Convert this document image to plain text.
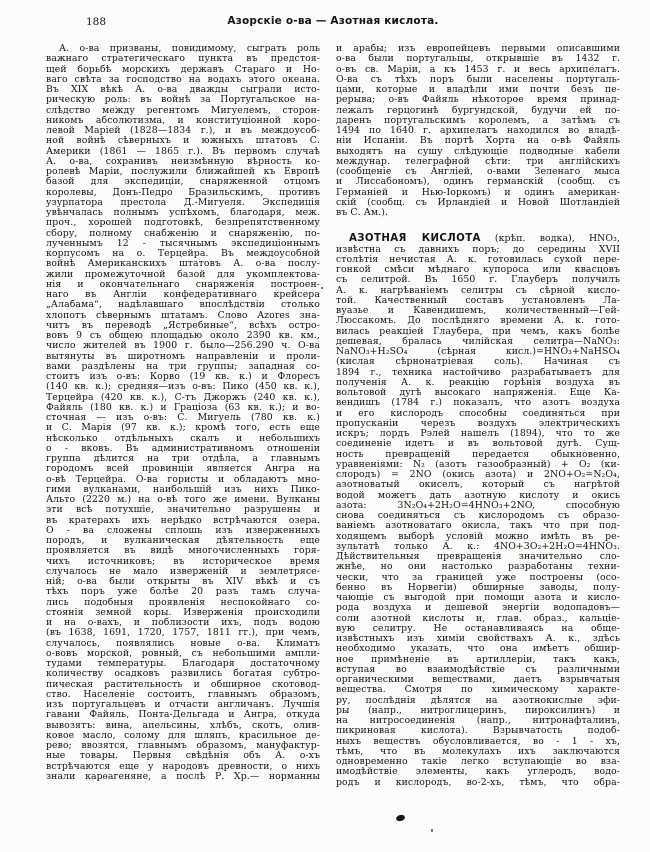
188	Азорскіе о-ва — Азотная кислота.
А. о-ва призваны, повидимому, сыграть роль
важнаго стратегическаго пункта въ предстоя-
щей борьбѣ морскихъ державъ Стараго и Но-
ваго свѣта за господство на водахъ этого океана.
Въ XIX вѣкѣ А. о-ва дважды сыграли исто-
рическую роль: въ войнѣ за Португальское на-
слѣдство между регентомъ Мигуелемъ, сторон-
никомъ абсолютизма, и конституціонной коро-
левой Маріей (1828—1834 г.), и въ междоусоб-
ной войнѣ сѣверныхъ и южныхъ штатовъ С.
Америки (1861 — 1865 г.). Въ первомъ случаѣ
А. о-ва, сохранивъ неизмѣнную вѣрность ко-
ролевѣ Маріи, послужили ближайшей къ Европѣ
базой для экспедиціи, снаряженной отцомъ
королевы, Донъ-Педро Бразильскимъ, противъ
узурпатора престола Д.-Мигуеля. Экспедиція
увѣнчалась полнымъ успѣхомъ, благодаря, меж.
проч., хорошей подготовкѣ, безпрепятственному
сбору, полному снабженію и снаряженію, по-
лученнымъ 12 - тысячнымъ экспедиціоннымъ
корпусомъ на о. Терцейра. Въ междоусобной
войнѣ Американскихъ штатовъ А. о-ва послу-
жили промежуточной базой для укомплектова-
нія и окончательнаго снаряженія построен-
наго въ Англіи конфедеративнаго крейсера
„Алабама“, надѣлавшаго впослѣдствіи столько
хлопотъ сѣвернымъ штатамъ. Слово Azores зна-
читъ въ переводѣ „Ястребиные“, всѣхъ остро-
вовъ 9 съ общею площадью около 2390 кв. км.,
число жителей въ 1900 г. было—256.290 ч. О-ва
вытянуты въ широтномъ направленіи и проли-
вами раздѣлены на три группы; западная со-
стоитъ изъ о-въ: Корво (19 кв. к.) и Флоресъ
(140 кв. к.); средняя—изъ о-въ: Пико (450 кв. к.),
Терцейра (420 кв. к.), С-тъ Джоржъ (240 кв. к.),
Файяль (180 кв. к.) и Граціоза (63 кв. к.); и во-
сточная — изъ о-въ: С. Мигуель (780 кв. к.)
и С. Марія (97 кв. к.); кромѣ того, есть еще
нѣсколько отдѣльныхъ скалъ и небольшихъ
о - вковъ. Въ административномъ отношеніи
группа дѣлится на три отдѣла, а главнымъ
городомъ всей провинціи является Ангра на
о-вѣ Терцейра. О-ва гористы и обладаютъ мно-
гими вулканами, наибольшій изъ нихъ Пико-
Альто (2220 м.) на о-вѣ того же имени. Вулканы
эти всѣ потухшіе, значительно разрушены и
въ кратерахъ ихъ нерѣдко встрѣчаются озера.
О - ва сложены сплошь изъ изверженныхъ
породъ, и вулканическая дѣятельность еще
проявляется въ видѣ многочисленныхъ горя-
чихъ источниковъ; въ историческое время
случалось не мало изверженій и землетрясе-
ній; о-ва были открыты въ XIV вѣкѣ и съ
тѣхъ поръ уже болѣе 20 разъ тамъ случа-
лись подобныя проявленія неспокойнаго со-
стоянія земной коры. Изверженія происходили
и на о-вахъ, и поблизости ихъ, подъ водою
(въ 1638, 1691, 1720, 1757, 1811 гг.), при чемъ,
случалось, появлялись новые о-ва. Климатъ
о-вовъ морской, ровный, съ небольшими ампли-
тудами температуры. Благодаря достаточному
количеству осадковъ развились богатая субтро-
пическая растительность и обширное скотовод-
ство. Населеніе состоитъ, главнымъ образомъ,
изъ португальцевъ и отчасти англичанъ. Лучшія
гавани Файяль, Понта-Дельгада и Ангра, откуда
вывозятъ: вина, апельсины, хлѣбъ, скотъ, олив-
ковое масло, солому для шляпъ, красильное де-
рево; ввозятся, главнымъ образомъ, мануфактур-
ные товары. Первыя свѣдѣнія объ А. о-хъ
встрѣчаются еще у народовъ древности, о нихъ
знали карѳагеняне, а послѣ Р. Хр.— норманны
и арабы; изъ европейцевъ первыми описавшими
о-ва были португальцы, открывшіе въ 1432 г.
о-въ св. Маріи, а къ 1453 г. и весь архипелагъ.
О-ва съ тѣхъ поръ были населены португаль-
цами, которые и владѣли ими почти безъ пе-
рерыва; о-въ Файяль нѣкоторое время принад-
лежалъ герцогинѣ бургундской, будучи ей по-
даренъ португальскимъ королемъ, а затѣмъ съ
1494 по 1640 г. архипелагъ находился во владѣ-
ніи Испаніи. Въ портѣ Хорта на о-вѣ Файяль
выходятъ на сушу слѣдующіе подводные кабели
междунар. телеграфной сѣти: три англійскихъ
(сообщеніе съ Англіей, о-вами Зеленаго мыса
и Лиссабономъ), одинъ германскій (сообщ. съ
Германіей и Нью-Іоркомъ) и одинъ американ-
скій (сообщ. съ Ирландіей и Новой Шотландіей
въ С. Ам.).
АЗОТНАЯ КИСЛОТА (крѣп. водка), HNO₃,
извѣстна съ давнихъ поръ; до середины XVII
столѣтія нечистая А. к. готовилась сухой пере-
гонкой смѣси мѣднаго купороса или квасцовъ
съ селитрой. Въ 1650 г. Глауберъ получилъ
А. к. нагрѣваніемъ селитры съ сѣрной кисло-
той. Качественный составъ установленъ Ла-
вуазье и Кавендишемъ, количественный—Гей-
Люссакомъ. До послѣдняго времени А. к. гото-
вилась реакціей Глаубера, при чемъ, какъ болѣе
дешевая, бралась чилійская селитра—NaNO₃:
NaNO₃+H₂SO₄ (сѣрная кисл.)=HNO₃+NaHSO₄
(кислая сѣрнонатріевая соль). Начиная съ
1894 г., техника настойчиво разрабатываетъ для
полученія А. к. реакцію горѣнія воздуха въ
вольтовой дугѣ высокаго напряженія. Еще Ка-
вендишъ (1784 г.) показалъ, что азотъ воздуха
и его кислородъ способны соединяться при
пропусканіи черезъ воздухъ электрическихъ
искръ; лордъ Рэлей нашелъ (1894), что то же
соединеніе идетъ и въ вольтовой дугѣ. Сущ-
ность превращеній передается обыкновенно,
уравненіями: N₂ (азотъ газообразный) + O₂ (ки-
слородъ) = 2NO (окись азота) и 2NO+O₂=N₂O₄,
азотноватый окиселъ, который съ нагрѣтой
водой можетъ дать азотную кислоту и окись
азота: 3N₂O₄+2H₂O=4HNO₃+2NO, способную
снова соединяться съ кислородомъ съ образо-
ваніемъ азотноватаго окисла, такъ что при под-
ходящемъ выборѣ условій можно имѣть въ ре-
зультатѣ только А. к.: 4NO+3O₂+2H₂O=4HNO₃.
Дѣйствительныя превращенія значительно сло-
жнѣе, но они настолько разработаны техни-
чески, что за границей уже построены (осо-
бенно въ Норвегіи) обширные заводы, полу-
чающіе съ выгодой при помощи азота и кисло-
рода воздуха и дешевой энергіи водопадовъ—
соли азотной кислоты и, глав. образ., кальціе-
вую селитру. Не останавливаясь на обще-
извѣстныхъ изъ химіи свойствахъ А. к., здѣсь
необходимо указать, что она имѣетъ обшир-
ное примѣненіе въ артиллеріи, такъ какъ,
вступая во взаимодѣйствіе съ различными
органическими веществами, даетъ взрывчатыя
вещества. Смотря по химическому характе-
ру, послѣднія дѣлятся на азотнокислые эфи-
ры (напр., нитроглицеринъ, пироксилинъ) и
на нитросоединенія (напр., нитронафталинъ,
пикриновая кислота). Взрывчатость подоб-
ныхъ веществъ обусловливается, во - 1 - хъ,
тѣмъ, что въ молекулахъ ихъ заключаются
одновременно такіе легко вступающіе во вза-
имодѣйствіе элементы, какъ углеродъ, водо-
родъ и кислородъ, во-2-хъ, тѣмъ, что обра-
